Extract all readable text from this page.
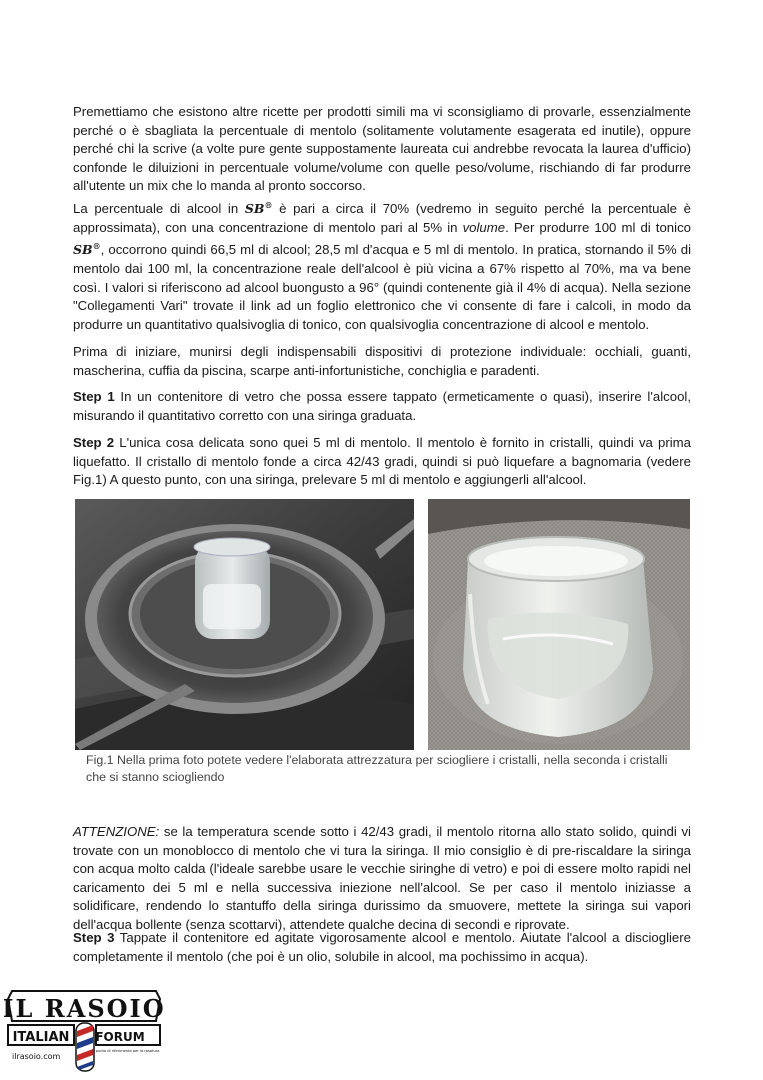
Premettiamo che esistono altre ricette per prodotti simili ma vi sconsigliamo di provarle, essenzialmente perché o è sbagliata la percentuale di mentolo (solitamente volutamente esagerata ed inutile), oppure perché chi la scrive (a volte pure gente suppostamente laureata cui andrebbe revocata la laurea d'ufficio) confonde le diluizioni in percentuale volume/volume con quelle peso/volume, rischiando di far produrre all'utente un mix che lo manda al pronto soccorso.

La percentuale di alcool in SB® è pari a circa il 70% (vedremo in seguito perché la percentuale è approssimata), con una concentrazione di mentolo pari al 5% in volume. Per produrre 100 ml di tonico SB®, occorrono quindi 66,5 ml di alcool; 28,5 ml d'acqua e 5 ml di mentolo. In pratica, stornando il 5% di mentolo dai 100 ml, la concentrazione reale dell'alcool è più vicina a 67% rispetto al 70%, ma va bene così. I valori si riferiscono ad alcool buongusto a 96° (quindi contenente già il 4% di acqua). Nella sezione "Collegamenti Vari" trovate il link ad un foglio elettronico che vi consente di fare i calcoli, in modo da produrre un quantitativo qualsivoglia di tonico, con qualsivoglia concentrazione di alcool e mentolo.

Prima di iniziare, munirsi degli indispensabili dispositivi di protezione individuale: occhiali, guanti, mascherina, cuffia da piscina, scarpe anti-infortunistiche, conchiglia e paradenti.

Step 1 In un contenitore di vetro che possa essere tappato (ermeticamente o quasi), inserire l'alcool, misurando il quantitativo corretto con una siringa graduata.

Step 2 L'unica cosa delicata sono quei 5 ml di mentolo. Il mentolo è fornito in cristalli, quindi va prima liquefatto. Il cristallo di mentolo fonde a circa 42/43 gradi, quindi si può liquefare a bagnomaria (vedere Fig.1) A questo punto, con una siringa, prelevare 5 ml di mentolo e aggiungerli all'alcool.

Fig.1 Nella prima foto potete vedere l'elaborata attrezzatura per sciogliere i cristalli, nella seconda i cristalli che si stanno sciogliendo

ATTENZIONE: se la temperatura scende sotto i 42/43 gradi, il mentolo ritorna allo stato solido, quindi vi trovate con un monoblocco di mentolo che vi tura la siringa. Il mio consiglio è di pre-riscaldare la siringa con acqua molto calda (l'ideale sarebbe usare le vecchie siringhe di vetro) e poi di essere molto rapidi nel caricamento dei 5 ml e nella successiva iniezione nell'alcool. Se per caso il mentolo iniziasse a solidificare, rendendo lo stantuffo della siringa durissimo da smuovere, mettete la siringa sui vapori dell'acqua bollente (senza scottarvi), attendete qualche decina di secondi e riprovate.

Step 3 Tappate il contenitore ed agitate vigorosamente alcool e mentolo. Aiutate l'alcool a disciogliere completamente il mentolo (che poi è un olio, solubile in alcool, ma pochissimo in acqua).

IL RASOIO
ITALIAN FORUM
ilrasoio.com
il punto di riferimento per la rasatura
